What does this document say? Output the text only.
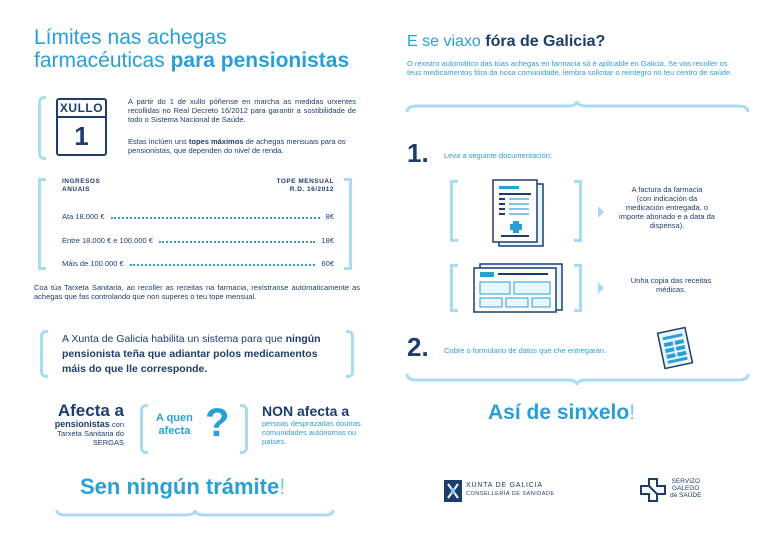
Límites nas achegas
farmacéuticas para pensionistas
XULLO
1
A partir do 1 de xullo póñense en marcha as medidas urxentes recollidas no Real Decreto 16/2012 para garantir a sostibilidade de todo o Sistema Nacional de Saúde.
Estas inclúen uns topes máximos de achegas mensuais para os pensionistas, que dependen do nivel de renda.
INGRESOS
ANUAIS
TOPE MENSUAL
R.D. 16/2012
Ata 18.000 €	8€
Entre 18.000 € e 100.000 €	18€
Máis de 100.000 €	60€
Coa túa Tarxeta Sanitaria, ao recoller as receitas na farmacia, rexístranse automaticamente as achegas que fas controlando que non superes o teu tope mensual.
A Xunta de Galicia habilita un sistema para que ningún pensionista teña que adiantar polos medicamentos máis do que lle corresponde.
Afecta a
pensionistas con Tarxeta Sanitaria do SERGAS
A quen
afecta ? NON afecta a
persoas desprazadas doutras comunidades autónomas ou países.
Sen ningún trámite!
E se viaxo fóra de Galicia?
O rexistro automático das túas achegas en farmacia só é aplicable en Galicia. Se vas recoller os teus medicamentos fóra da nosa comunidade, lembra solicitar o reintegro no teu centro de saúde.
1. Leva a seguinte documentación:
A factura da farmacia
(con indicación da medicación entregada, o importe abonado e a data da dispensa).
Unha copia das receitas médicas.
2. Cobre o formulario de datos que che entregarán.
Así de sinxelo!
XUNTA DE GALICIA
CONSELLERÍA DE SANIDADE
SERVIZO
GALEGO
de SAÚDE
